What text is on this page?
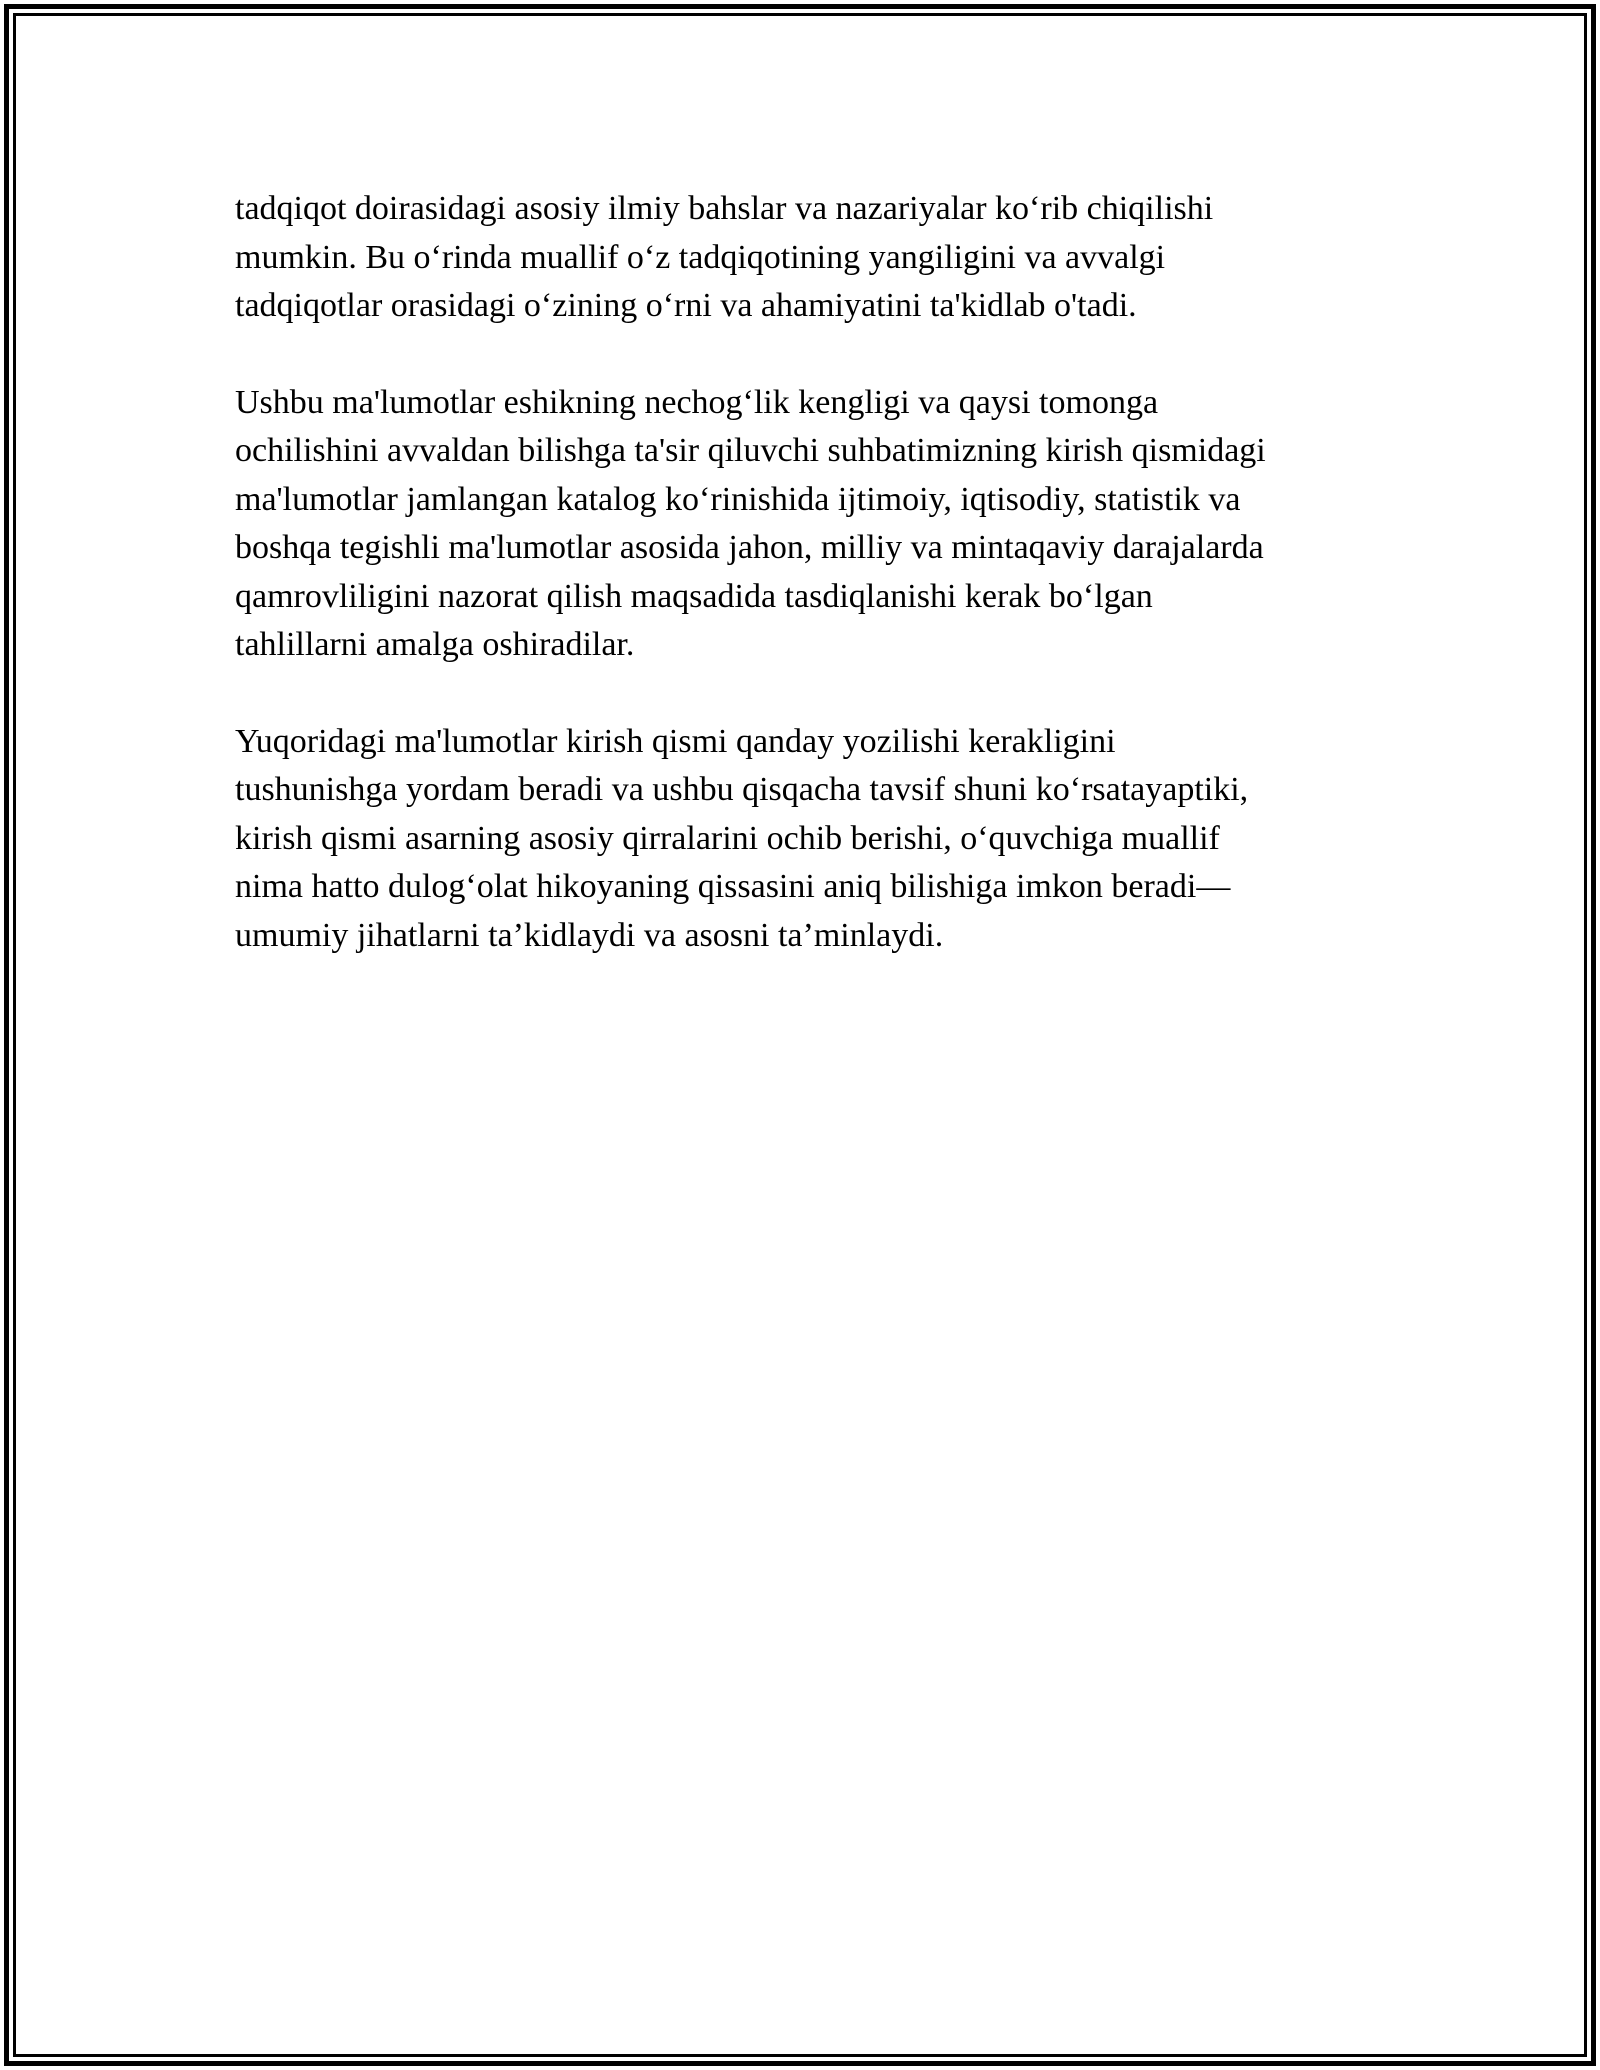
tadqiqot doirasidagi asosiy ilmiy bahslar va nazariyalar ko‘rib chiqilishi
mumkin. Bu o‘rinda muallif o‘z tadqiqotining yangiligini va avvalgi
tadqiqotlar orasidagi o‘zining o‘rni va ahamiyatini ta'kidlab o'tadi.

Ushbu ma'lumotlar eshikning nechog‘lik kengligi va qaysi tomonga
ochilishini avvaldan bilishga ta'sir qiluvchi suhbatimizning kirish qismidagi
ma'lumotlar jamlangan katalog ko‘rinishida ijtimoiy, iqtisodiy, statistik va
boshqa tegishli ma'lumotlar asosida jahon, milliy va mintaqaviy darajalarda
qamrovliligini nazorat qilish maqsadida tasdiqlanishi kerak bo‘lgan
tahlillarni amalga oshiradilar.

Yuqoridagi ma'lumotlar kirish qismi qanday yozilishi kerakligini
tushunishga yordam beradi va ushbu qisqacha tavsif shuni ko‘rsatayaptiki,
kirish qismi asarning asosiy qirralarini ochib berishi, o‘quvchiga muallif
nima hatto dulog‘olat hikoyaning qissasini aniq bilishiga imkon beradi—
umumiy jihatlarni ta’kidlaydi va asosni ta’minlaydi.
